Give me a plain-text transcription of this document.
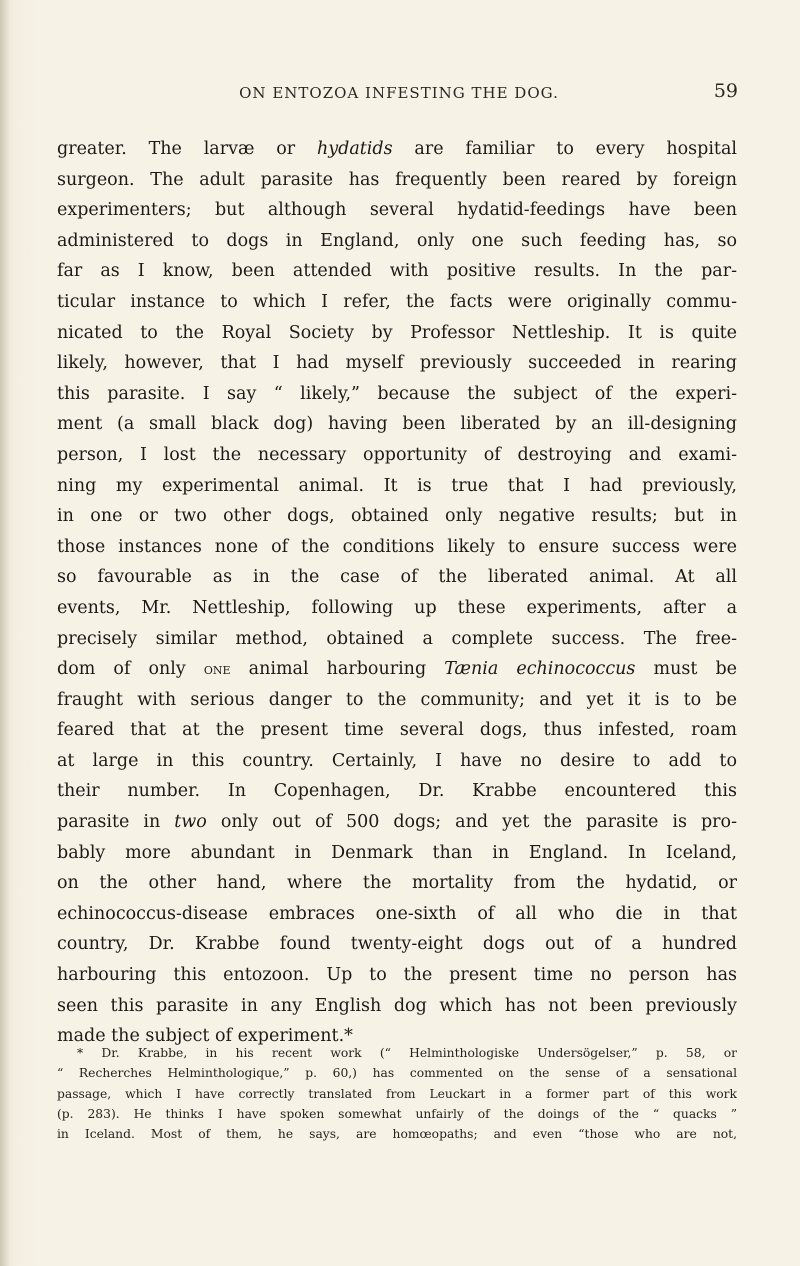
ON ENTOZOA INFESTING THE DOG.	59
greater. The larvæ or hydatids are familiar to every hospital
surgeon. The adult parasite has frequently been reared by foreign
experimenters; but although several hydatid-feedings have been
administered to dogs in England, only one such feeding has, so
far as I know, been attended with positive results. In the par-
ticular instance to which I refer, the facts were originally commu-
nicated to the Royal Society by Professor Nettleship. It is quite
likely, however, that I had myself previously succeeded in rearing
this parasite. I say “ likely,” because the subject of the experi-
ment (a small black dog) having been liberated by an ill-designing
person, I lost the necessary opportunity of destroying and exami-
ning my experimental animal. It is true that I had previously,
in one or two other dogs, obtained only negative results; but in
those instances none of the conditions likely to ensure success were
so favourable as in the case of the liberated animal. At all
events, Mr. Nettleship, following up these experiments, after a
precisely similar method, obtained a complete success. The free-
dom of only one animal harbouring Tænia echinococcus must be
fraught with serious danger to the community; and yet it is to be
feared that at the present time several dogs, thus infested, roam
at large in this country. Certainly, I have no desire to add to
their number. In Copenhagen, Dr. Krabbe encountered this
parasite in two only out of 500 dogs; and yet the parasite is pro-
bably more abundant in Denmark than in England. In Iceland,
on the other hand, where the mortality from the hydatid, or
echinococcus-disease embraces one-sixth of all who die in that
country, Dr. Krabbe found twenty-eight dogs out of a hundred
harbouring this entozoon. Up to the present time no person has
seen this parasite in any English dog which has not been previously
made the subject of experiment.*
* Dr. Krabbe, in his recent work (“ Helminthologiske Undersögelser,” p. 58, or
“ Recherches Helminthologique,” p. 60,) has commented on the sense of a sensational
passage, which I have correctly translated from Leuckart in a former part of this work
(p. 283). He thinks I have spoken somewhat unfairly of the doings of the “ quacks ”
in Iceland. Most of them, he says, are homœopaths; and even “those who are not,
